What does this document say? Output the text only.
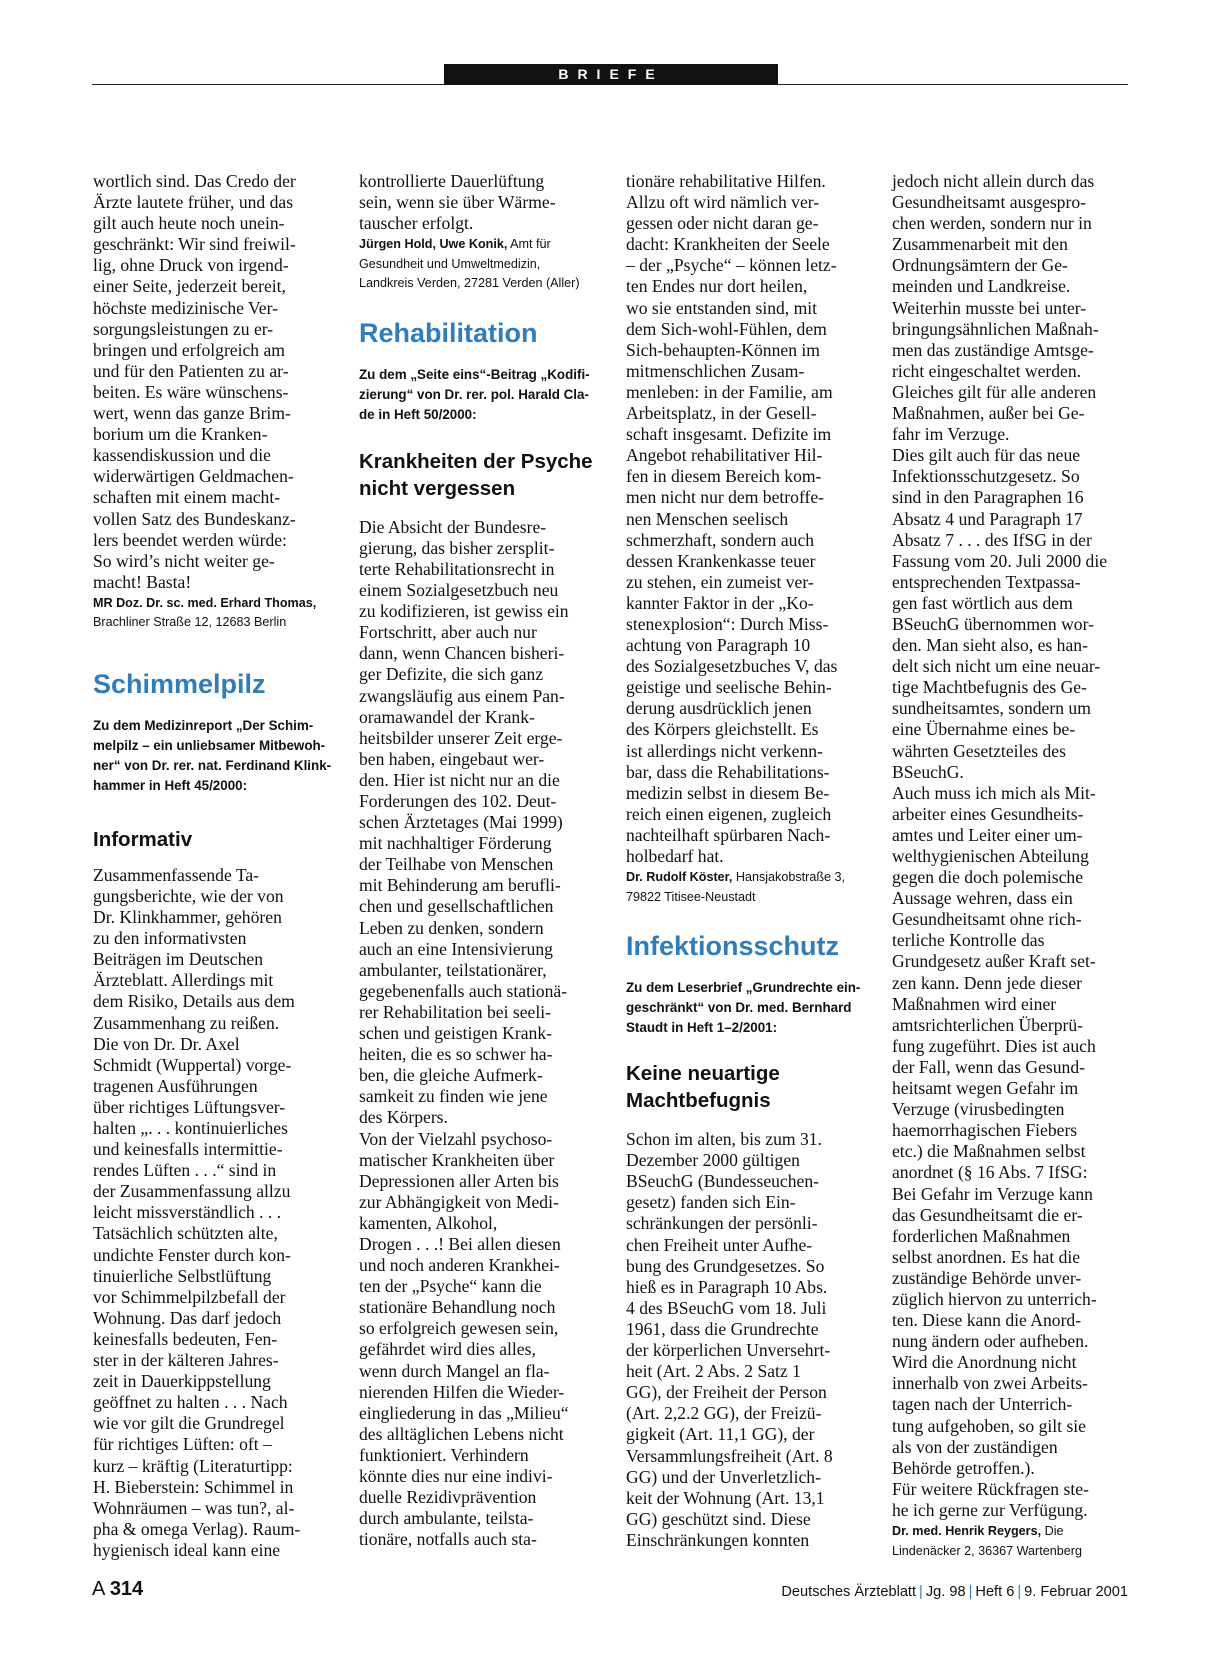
BRIEFE
wortlich sind. Das Credo der
Ärzte lautete früher, und das
gilt auch heute noch unein-
geschränkt: Wir sind freiwil-
lig, ohne Druck von irgend-
einer Seite, jederzeit bereit,
höchste medizinische Ver-
sorgungsleistungen zu er-
bringen und erfolgreich am
und für den Patienten zu ar-
beiten. Es wäre wünschens-
wert, wenn das ganze Brim-
borium um die Kranken-
kassendiskussion und die
widerwärtigen Geldmachen-
schaften mit einem macht-
vollen Satz des Bundeskanz-
lers beendet werden würde:
So wird’s nicht weiter ge-
macht! Basta!
MR Doz. Dr. sc. med. Erhard Thomas,
Brachliner Straße 12, 12683 Berlin
Schimmelpilz
Zu dem Medizinreport „Der Schim-
melpilz – ein unliebsamer Mitbewoh-
ner“ von Dr. rer. nat. Ferdinand Klink-
hammer in Heft 45/2000:
Informativ
Zusammenfassende Ta-
gungsberichte, wie der von
Dr. Klinkhammer, gehören
zu den informativsten
Beiträgen im Deutschen
Ärzteblatt. Allerdings mit
dem Risiko, Details aus dem
Zusammenhang zu reißen.
Die von Dr. Dr. Axel
Schmidt (Wuppertal) vorge-
tragenen Ausführungen
über richtiges Lüftungsver-
halten „. . . kontinuierliches
und keinesfalls intermittie-
rendes Lüften . . .“ sind in
der Zusammenfassung allzu
leicht missverständlich . . .
Tatsächlich schützten alte,
undichte Fenster durch kon-
tinuierliche Selbstlüftung
vor Schimmelpilzbefall der
Wohnung. Das darf jedoch
keinesfalls bedeuten, Fen-
ster in der kälteren Jahres-
zeit in Dauerkippstellung
geöffnet zu halten . . . Nach
wie vor gilt die Grundregel
für richtiges Lüften: oft –
kurz – kräftig (Literaturtipp:
H. Bieberstein: Schimmel in
Wohnräumen – was tun?, al-
pha & omega Verlag). Raum-
hygienisch ideal kann eine
kontrollierte Dauerlüftung
sein, wenn sie über Wärme-
tauscher erfolgt.
Jürgen Hold, Uwe Konik, Amt für

Gesundheit und Umweltmedizin,
Landkreis Verden, 27281 Verden (Aller)
Rehabilitation
Zu dem „Seite eins“-Beitrag „Kodifi-
zierung“ von Dr. rer. pol. Harald Cla-
de in Heft 50/2000:
Krankheiten der Psyche
nicht vergessen
Die Absicht der Bundesre-
gierung, das bisher zersplit-
terte Rehabilitationsrecht in
einem Sozialgesetzbuch neu
zu kodifizieren, ist gewiss ein
Fortschritt, aber auch nur
dann, wenn Chancen bisheri-
ger Defizite, die sich ganz
zwangsläufig aus einem Pan-
oramawandel der Krank-
heitsbilder unserer Zeit erge-
ben haben, eingebaut wer-
den. Hier ist nicht nur an die
Forderungen des 102. Deut-
schen Ärztetages (Mai 1999)
mit nachhaltiger Förderung
der Teilhabe von Menschen
mit Behinderung am berufli-
chen und gesellschaftlichen
Leben zu denken, sondern
auch an eine Intensivierung
ambulanter, teilstationärer,
gegebenenfalls auch stationä-
rer Rehabilitation bei seeli-
schen und geistigen Krank-
heiten, die es so schwer ha-
ben, die gleiche Aufmerk-
samkeit zu finden wie jene
des Körpers.
Von der Vielzahl psychoso-
matischer Krankheiten über
Depressionen aller Arten bis
zur Abhängigkeit von Medi-
kamenten, Alkohol,
Drogen . . .! Bei allen diesen
und noch anderen Krankhei-
ten der „Psyche“ kann die
stationäre Behandlung noch
so erfolgreich gewesen sein,
gefährdet wird dies alles,
wenn durch Mangel an fla-
nierenden Hilfen die Wieder-
eingliederung in das „Milieu“
des alltäglichen Lebens nicht
funktioniert. Verhindern
könnte dies nur eine indivi-
duelle Rezidivprävention
durch ambulante, teilsta-
tionäre, notfalls auch sta-
tionäre rehabilitative Hilfen.
Allzu oft wird nämlich ver-
gessen oder nicht daran ge-
dacht: Krankheiten der Seele
– der „Psyche“ – können letz-
ten Endes nur dort heilen,
wo sie entstanden sind, mit
dem Sich-wohl-Fühlen, dem
Sich-behaupten-Können im
mitmenschlichen Zusam-
menleben: in der Familie, am
Arbeitsplatz, in der Gesell-
schaft insgesamt. Defizite im
Angebot rehabilitativer Hil-
fen in diesem Bereich kom-
men nicht nur dem betroffe-
nen Menschen seelisch
schmerzhaft, sondern auch
dessen Krankenkasse teuer
zu stehen, ein zumeist ver-
kannter Faktor in der „Ko-
stenexplosion“: Durch Miss-
achtung von Paragraph 10
des Sozialgesetzbuches V, das
geistige und seelische Behin-
derung ausdrücklich jenen
des Körpers gleichstellt. Es
ist allerdings nicht verkenn-
bar, dass die Rehabilitations-
medizin selbst in diesem Be-
reich einen eigenen, zugleich
nachteilhaft spürbaren Nach-
holbedarf hat.
Dr. Rudolf Köster, Hansjakobstraße 3,

79822 Titisee-Neustadt
Infektionsschutz
Zu dem Leserbrief „Grundrechte ein-
geschränkt“ von Dr. med. Bernhard
Staudt in Heft 1–2/2001:
Keine neuartige
Machtbefugnis
Schon im alten, bis zum 31.
Dezember 2000 gültigen
BSeuchG (Bundesseuchen-
gesetz) fanden sich Ein-
schränkungen der persönli-
chen Freiheit unter Aufhe-
bung des Grundgesetzes. So
hieß es in Paragraph 10 Abs.
4 des BSeuchG vom 18. Juli
1961, dass die Grundrechte
der körperlichen Unversehrt-
heit (Art. 2 Abs. 2 Satz 1
GG), der Freiheit der Person
(Art. 2,2.2 GG), der Freizü-
gigkeit (Art. 11,1 GG), der
Versammlungsfreiheit (Art. 8
GG) und der Unverletzlich-
keit der Wohnung (Art. 13,1
GG) geschützt sind. Diese
Einschränkungen konnten
jedoch nicht allein durch das
Gesundheitsamt ausgespro-
chen werden, sondern nur in
Zusammenarbeit mit den
Ordnungsämtern der Ge-
meinden und Landkreise.
Weiterhin musste bei unter-
bringungsähnlichen Maßnah-
men das zuständige Amtsge-
richt eingeschaltet werden.
Gleiches gilt für alle anderen
Maßnahmen, außer bei Ge-
fahr im Verzuge.
Dies gilt auch für das neue
Infektionsschutzgesetz. So
sind in den Paragraphen 16
Absatz 4 und Paragraph 17
Absatz 7 . . . des IfSG in der
Fassung vom 20. Juli 2000 die
entsprechenden Textpassa-
gen fast wörtlich aus dem
BSeuchG übernommen wor-
den. Man sieht also, es han-
delt sich nicht um eine neuar-
tige Machtbefugnis des Ge-
sundheitsamtes, sondern um
eine Übernahme eines be-
währten Gesetzteiles des
BSeuchG.
Auch muss ich mich als Mit-
arbeiter eines Gesundheits-
amtes und Leiter einer um-
welthygienischen Abteilung
gegen die doch polemische
Aussage wehren, dass ein
Gesundheitsamt ohne rich-
terliche Kontrolle das
Grundgesetz außer Kraft set-
zen kann. Denn jede dieser
Maßnahmen wird einer
amtsrichterlichen Überprü-
fung zugeführt. Dies ist auch
der Fall, wenn das Gesund-
heitsamt wegen Gefahr im
Verzuge (virusbedingten
haemorrhagischen Fiebers
etc.) die Maßnahmen selbst
anordnet (§ 16 Abs. 7 IfSG:
Bei Gefahr im Verzuge kann
das Gesundheitsamt die er-
forderlichen Maßnahmen
selbst anordnen. Es hat die
zuständige Behörde unver-
züglich hiervon zu unterrich-
ten. Diese kann die Anord-
nung ändern oder aufheben.
Wird die Anordnung nicht
innerhalb von zwei Arbeits-
tagen nach der Unterrich-
tung aufgehoben, so gilt sie
als von der zuständigen
Behörde getroffen.).
Für weitere Rückfragen ste-
he ich gerne zur Verfügung.
Dr. med. Henrik Reygers, Die

Lindenäcker 2, 36367 Wartenberg
A 314	Deutsches Ärzteblatt | Jg. 98 | Heft 6 | 9. Februar 2001
